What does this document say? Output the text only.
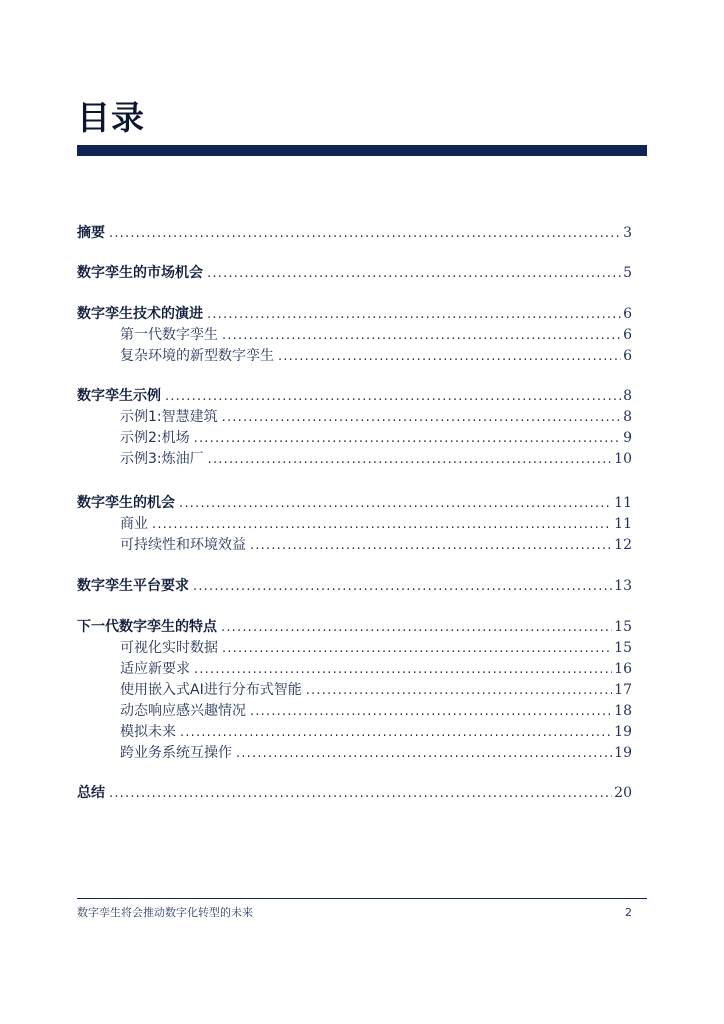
目录
摘要 .....	3
数字孪生的市场机会 .....	5
数字孪生技术的演进 .....	6
第一代数字孪生 .....	6
复杂环境的新型数字孪生 .....	6
数字孪生示例 .....	8
示例1:智慧建筑 .....	8
示例2:机场 .....	9
示例3:炼油厂 .....	10
数字孪生的机会 .....	11
商业 .....	11
可持续性和环境效益 .....	12
数字孪生平台要求 .....	13
下一代数字孪生的特点 .....	15
可视化实时数据 .....	15
适应新要求 .....	16
使用嵌入式AI进行分布式智能 .....	17
动态响应感兴趣情况 .....	18
模拟未来 .....	19
跨业务系统互操作 .....	19
总结 .....	20
数字孪生将会推动数字化转型的未来	2
